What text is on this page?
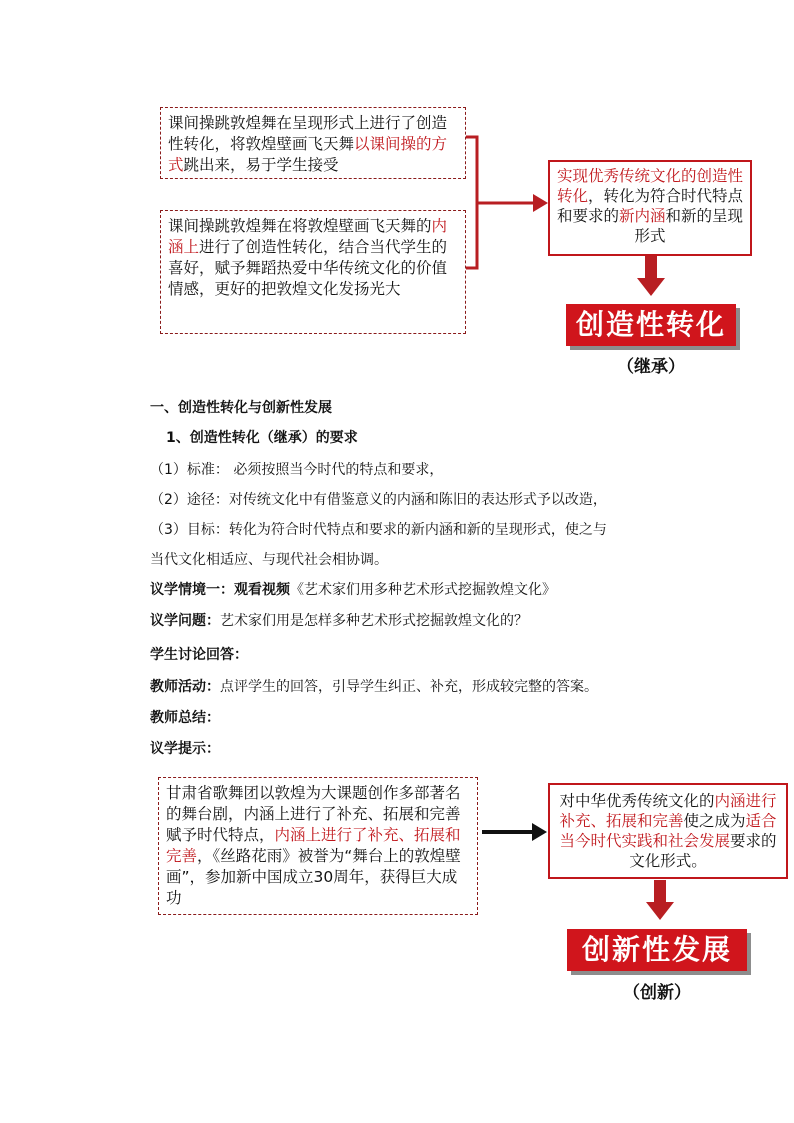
课间操跳敦煌舞在呈现形式上进行了创造性转化，将敦煌壁画飞天舞以课间操的方式跳出来，易于学生接受
课间操跳敦煌舞在将敦煌壁画飞天舞的内涵上进行了创造性转化，结合当代学生的喜好，赋予舞蹈热爱中华传统文化的价值情感，更好的把敦煌文化发扬光大
实现优秀传统文化的创造性转化，转化为符合时代特点和要求的新内涵和新的呈现形式
创造性转化
（继承）
一、创造性转化与创新性发展
1、创造性转化（继承）的要求
（1）标准： 必须按照当今时代的特点和要求，
（2）途径：对传统文化中有借鉴意义的内涵和陈旧的表达形式予以改造，
（3）目标：转化为符合时代特点和要求的新内涵和新的呈现形式，使之与
当代文化相适应、与现代社会相协调。
议学情境一：观看视频《艺术家们用多种艺术形式挖掘敦煌文化》
议学问题：艺术家们用是怎样多种艺术形式挖掘敦煌文化的？
学生讨论回答：
教师活动：点评学生的回答，引导学生纠正、补充，形成较完整的答案。
教师总结：
议学提示：
甘肃省歌舞团以敦煌为大课题创作多部著名的舞台剧，内涵上进行了补充、拓展和完善赋予时代特点，内涵上进行了补充、拓展和完善，《丝路花雨》被誉为“舞台上的敦煌壁画”，参加新中国成立30周年，获得巨大成功
对中华优秀传统文化的内涵进行补充、拓展和完善使之成为适合当今时代实践和社会发展要求的文化形式。
创新性发展
（创新）
